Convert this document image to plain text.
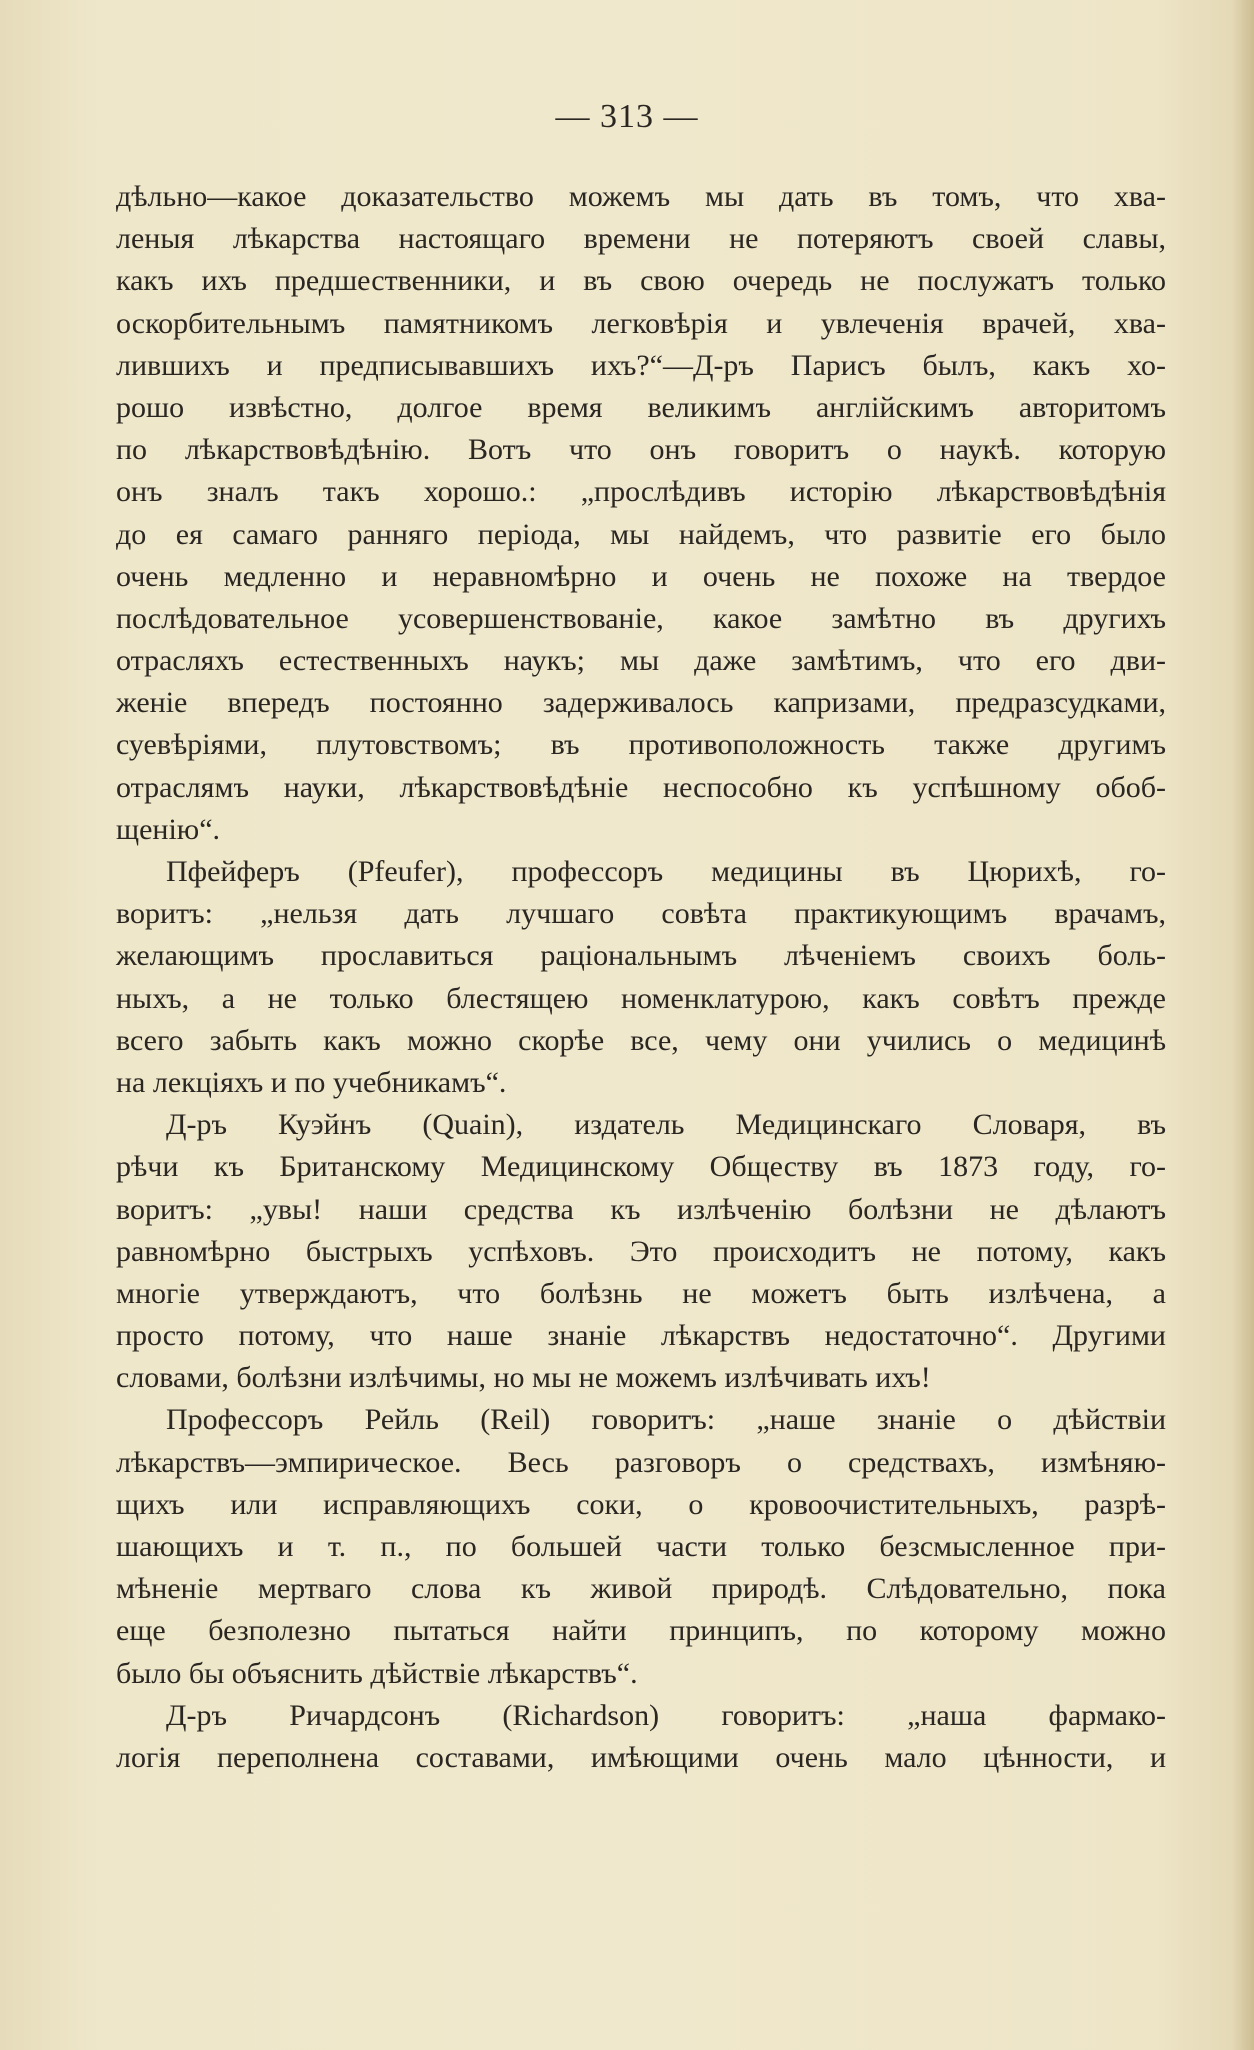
— 313 —
дѣльно—какое доказательство можемъ мы дать въ томъ, что хва-
леныя лѣкарства настоящаго времени не потеряютъ своей славы,
какъ ихъ предшественники, и въ свою очередь не послужатъ только
оскорбительнымъ памятникомъ легковѣрія и увлеченія врачей, хва-
лившихъ и предписывавшихъ ихъ?“—Д-ръ Парисъ былъ, какъ хо-
рошо извѣстно, долгое время великимъ англійскимъ авторитомъ
по лѣкарствовѣдѣнію. Вотъ что онъ говоритъ о наукѣ. которую
онъ зналъ такъ хорошо.: „прослѣдивъ исторію лѣкарствовѣдѣнія
до ея самаго ранняго періода, мы найдемъ, что развитіе его было
очень медленно и неравномѣрно и очень не похоже на твердое
послѣдовательное усовершенствованіе, какое замѣтно въ другихъ
отрасляхъ естественныхъ наукъ; мы даже замѣтимъ, что его дви-
женіе впередъ постоянно задерживалось капризами, предразсудками,
суевѣріями, плутовствомъ; въ противоположность также другимъ
отраслямъ науки, лѣкарствовѣдѣніе неспособно къ успѣшному обоб-
щенію“.
Пфейферъ (Pfeufer), профессоръ медицины въ Цюрихѣ, го-
воритъ: „нельзя дать лучшаго совѣта практикующимъ врачамъ,
желающимъ прославиться раціональнымъ лѣченіемъ своихъ боль-
ныхъ, а не только блестящею номенклатурою, какъ совѣтъ прежде
всего забыть какъ можно скорѣе все, чему они учились о медицинѣ
на лекціяхъ и по учебникамъ“.
Д-ръ Куэйнъ (Quain), издатель Медицинскаго Словаря, въ
рѣчи къ Британскому Медицинскому Обществу въ 1873 году, го-
воритъ: „увы! наши средства къ излѣченію болѣзни не дѣлаютъ
равномѣрно быстрыхъ успѣховъ. Это происходитъ не потому, какъ
многіе утверждаютъ, что болѣзнь не можетъ быть излѣчена, а
просто потому, что наше знаніе лѣкарствъ недостаточно“. Другими
словами, болѣзни излѣчимы, но мы не можемъ излѣчивать ихъ!
Профессоръ Рейль (Reil) говоритъ: „наше знаніе о дѣйствіи
лѣкарствъ—эмпирическое. Весь разговоръ о средствахъ, измѣняю-
щихъ или исправляющихъ соки, о кровоочистительныхъ, разрѣ-
шающихъ и т. п., по большей части только безсмысленное при-
мѣненіе мертваго слова къ живой природѣ. Слѣдовательно, пока
еще безполезно пытаться найти принципъ, по которому можно
было бы объяснить дѣйствіе лѣкарствъ“.
Д-ръ Ричардсонъ (Richardson) говоритъ: „наша фармако-
логія переполнена составами, имѣющими очень мало цѣнности, и
